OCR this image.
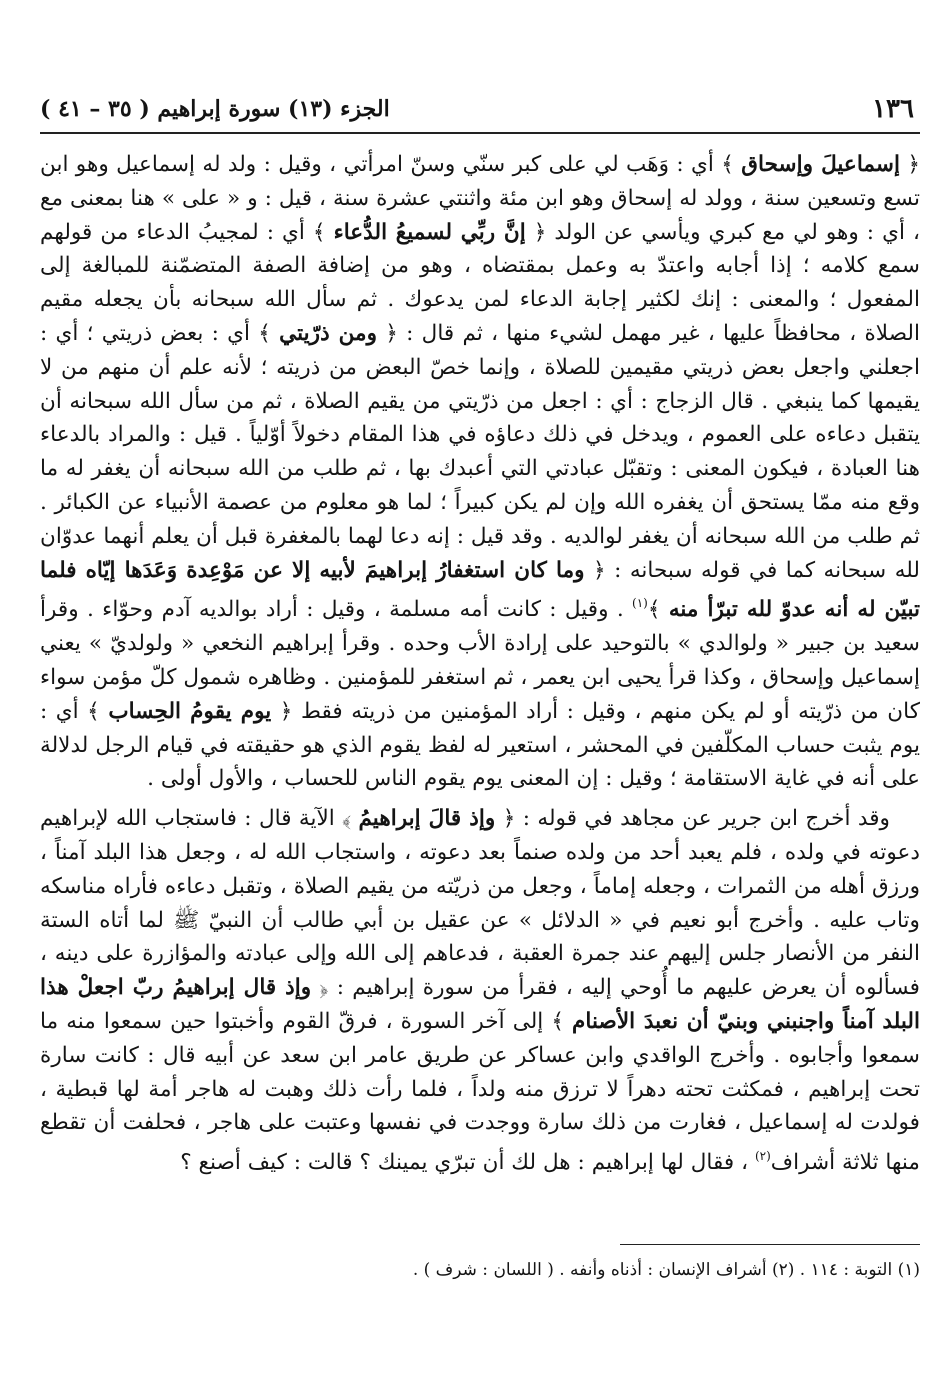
١٣٦
الجزء (١٣) سورة إبراهيم ( ٣٥ – ٤١ )

﴿ إسماعيلَ وإسحاق ﴾ أي : وَهَب لي على كبر سنّي وسنّ امرأتي ، وقيل : ولد له إسماعيل وهو ابن تسع وتسعين سنة ، وولد له إسحاق وهو ابن مئة واثنتي عشرة سنة ، قيل : و « على » هنا بمعنى مع ، أي : وهو لي مع كبري ويأسي عن الولد ﴿ إنَّ ربِّي لسميعُ الدُّعاء ﴾ أي : لمجيبُ الدعاء من قولهم سمع كلامه ؛ إذا أجابه واعتدّ به وعمل بمقتضاه ، وهو من إضافة الصفة المتضمّنة للمبالغة إلى المفعول ؛ والمعنى : إنك لكثير إجابة الدعاء لمن يدعوك . ثم سأل الله سبحانه بأن يجعله مقيم الصلاة ، محافظاً عليها ، غير مهمل لشيء منها ، ثم قال : ﴿ ومن ذرّيتي ﴾ أي : بعض ذريتي ؛ أي : اجعلني واجعل بعض ذريتي مقيمين للصلاة ، وإنما خصّ البعض من ذريته ؛ لأنه علم أن منهم من لا يقيمها كما ينبغي . قال الزجاج : أي : اجعل من ذرّيتي من يقيم الصلاة ، ثم من سأل الله سبحانه أن يتقبل دعاءه على العموم ، ويدخل في ذلك دعاؤه في هذا المقام دخولاً أوّلياً . قيل : والمراد بالدعاء هنا العبادة ، فيكون المعنى : وتقبّل عبادتي التي أعبدك بها ، ثم طلب من الله سبحانه أن يغفر له ما وقع منه ممّا يستحق أن يغفره الله وإن لم يكن كبيراً ؛ لما هو معلوم من عصمة الأنبياء عن الكبائر . ثم طلب من الله سبحانه أن يغفر لوالديه . وقد قيل : إنه دعا لهما بالمغفرة قبل أن يعلم أنهما عدوّان لله سبحانه كما في قوله سبحانه : ﴿ وما كان استغفارُ إبراهيمَ لأبيه إلا عن مَوْعِدة وَعَدَها إيّاه فلما تبيّن له أنه عدوّ لله تبرّأ منه ﴾$^{(١)}$ . وقيل : كانت أمه مسلمة ، وقيل : أراد بوالديه آدم وحوّاء . وقرأ سعيد بن جبير « ولوالدي » بالتوحيد على إرادة الأب وحده . وقرأ إبراهيم النخعي « ولولديّ » يعني إسماعيل وإسحاق ، وكذا قرأ يحيى ابن يعمر ، ثم استغفر للمؤمنين . وظاهره شمول كلّ مؤمن سواء كان من ذرّيته أو لم يكن منهم ، وقيل : أراد المؤمنين من ذريته فقط ﴿ يوم يقومُ الحِساب ﴾ أي : يوم يثبت حساب المكلّفين في المحشر ، استعير له لفظ يقوم الذي هو حقيقته في قيام الرجل لدلالة على أنه في غاية الاستقامة ؛ وقيل : إن المعنى يوم يقوم الناس للحساب ، والأول أولى .

وقد أخرج ابن جرير عن مجاهد في قوله : ﴿ وإذ قالَ إبراهيمُ ﴾ الآية قال : فاستجاب الله لإبراهيم دعوته في ولده ، فلم يعبد أحد من ولده صنماً بعد دعوته ، واستجاب الله له ، وجعل هذا البلد آمناً ، ورزق أهله من الثمرات ، وجعله إماماً ، وجعل من ذريّته من يقيم الصلاة ، وتقبل دعاءه فأراه مناسكه وتاب عليه . وأخرج أبو نعيم في « الدلائل » عن عقيل بن أبي طالب أن النبيّ ﷺ لما أتاه الستة النفر من الأنصار جلس إليهم عند جمرة العقبة ، فدعاهم إلى الله وإلى عبادته والمؤازرة على دينه ، فسألوه أن يعرض عليهم ما أُوحي إليه ، فقرأ من سورة إبراهيم : ﴿ وإذ قال إبراهيمُ ربّ اجعلْ هذا البلد آمناً واجنبني وبنيّ أن نعبدَ الأصنام ﴾ إلى آخر السورة ، فرقّ القوم وأخبتوا حين سمعوا منه ما سمعوا وأجابوه . وأخرج الواقدي وابن عساكر عن طريق عامر ابن سعد عن أبيه قال : كانت سارة تحت إبراهيم ، فمكثت تحته دهراً لا ترزق منه ولداً ، فلما رأت ذلك وهبت له هاجر أمة لها قبطية ، فولدت له إسماعيل ، فغارت من ذلك سارة ووجدت في نفسها وعتبت على هاجر ، فحلفت أن تقطع منها ثلاثة أشراف$^{(٢)}$ ، فقال لها إبراهيم : هل لك أن تبرّي يمينك ؟ قالت : كيف أصنع ؟

(١) التوبة : ١١٤ . (٢) أشراف الإنسان : أذناه وأنفه . ( اللسان : شرف ) .
